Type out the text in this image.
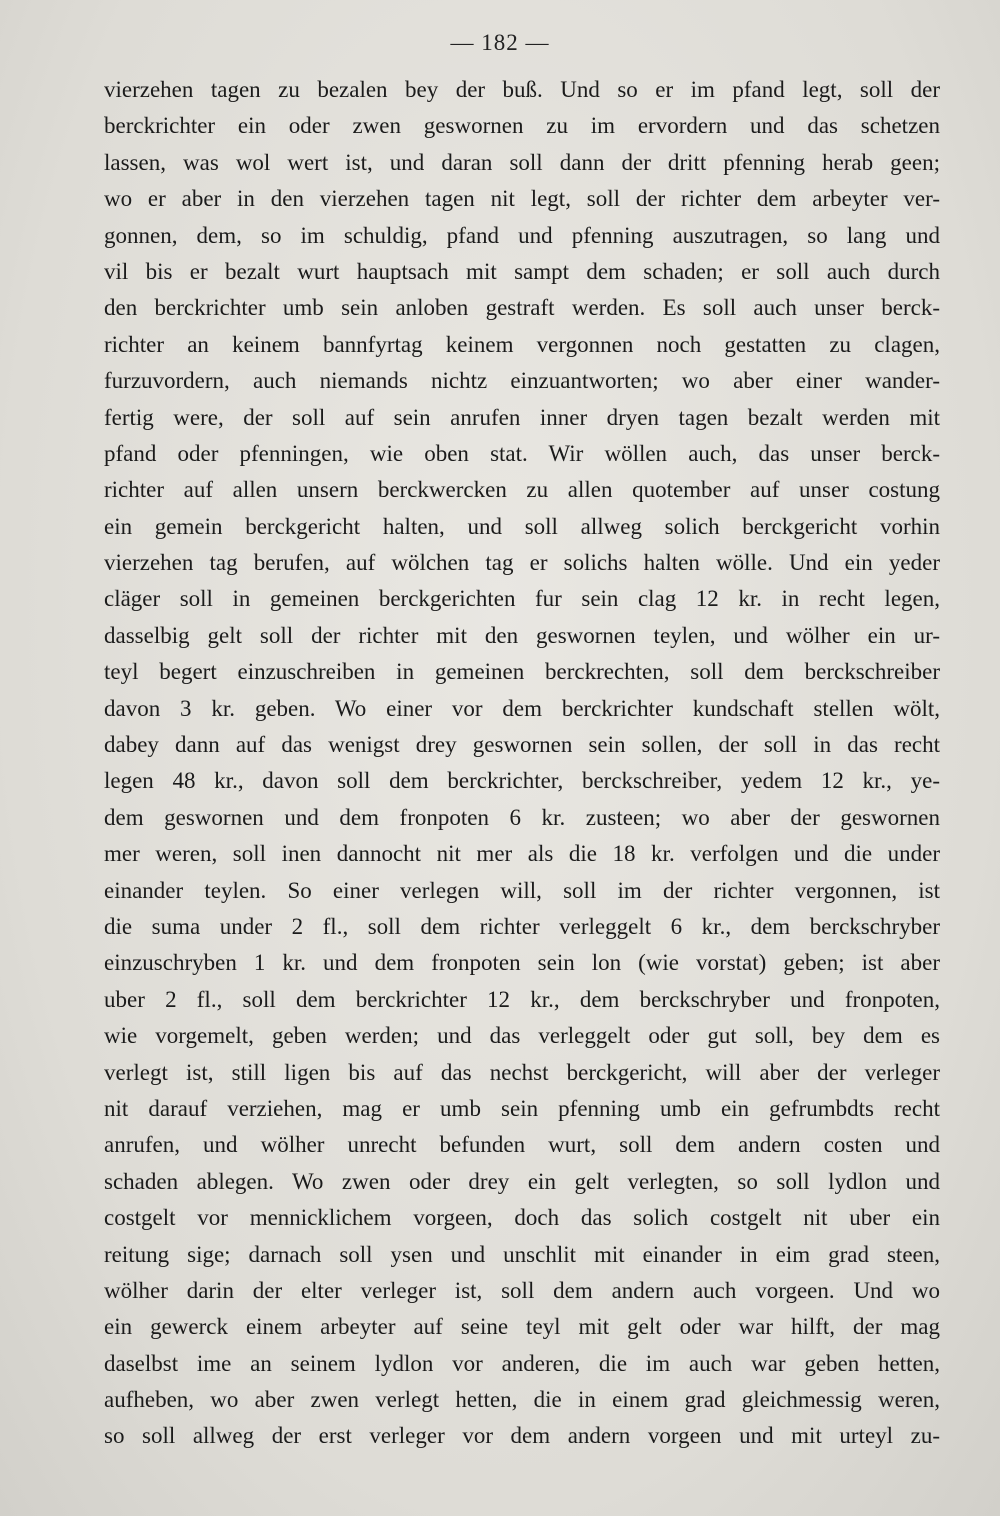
— 182 —

vierzehen tagen zu bezalen bey der buß. Und so er im pfand legt, soll der
berckrichter ein oder zwen geswornen zu im ervordern und das schetzen
lassen, was wol wert ist, und daran soll dann der dritt pfenning herab geen;
wo er aber in den vierzehen tagen nit legt, soll der richter dem arbeyter ver-
gonnen, dem, so im schuldig, pfand und pfenning auszutragen, so lang und
vil bis er bezalt wurt hauptsach mit sampt dem schaden; er soll auch durch
den berckrichter umb sein anloben gestraft werden. Es soll auch unser berck-
richter an keinem bannfyrtag keinem vergonnen noch gestatten zu clagen,
furzuvordern, auch niemands nichtz einzuantworten; wo aber einer wander-
fertig were, der soll auf sein anrufen inner dryen tagen bezalt werden mit
pfand oder pfenningen, wie oben stat. Wir wöllen auch, das unser berck-
richter auf allen unsern berckwercken zu allen quotember auf unser costung
ein gemein berckgericht halten, und soll allweg solich berckgericht vorhin
vierzehen tag berufen, auf wölchen tag er solichs halten wölle. Und ein yeder
cläger soll in gemeinen berckgerichten fur sein clag 12 kr. in recht legen,
dasselbig gelt soll der richter mit den geswornen teylen, und wölher ein ur-
teyl begert einzuschreiben in gemeinen berckrechten, soll dem berckschreiber
davon 3 kr. geben. Wo einer vor dem berckrichter kundschaft stellen wölt,
dabey dann auf das wenigst drey geswornen sein sollen, der soll in das recht
legen 48 kr., davon soll dem berckrichter, berckschreiber, yedem 12 kr., ye-
dem geswornen und dem fronpoten 6 kr. zusteen; wo aber der geswornen
mer weren, soll inen dannocht nit mer als die 18 kr. verfolgen und die under
einander teylen. So einer verlegen will, soll im der richter vergonnen, ist
die suma under 2 fl., soll dem richter verleggelt 6 kr., dem berckschryber
einzuschryben 1 kr. und dem fronpoten sein lon (wie vorstat) geben; ist aber
uber 2 fl., soll dem berckrichter 12 kr., dem berckschryber und fronpoten,
wie vorgemelt, geben werden; und das verleggelt oder gut soll, bey dem es
verlegt ist, still ligen bis auf das nechst berckgericht, will aber der verleger
nit darauf verziehen, mag er umb sein pfenning umb ein gefrumbdts recht
anrufen, und wölher unrecht befunden wurt, soll dem andern costen und
schaden ablegen. Wo zwen oder drey ein gelt verlegten, so soll lydlon und
costgelt vor mennicklichem vorgeen, doch das solich costgelt nit uber ein
reitung sige; darnach soll ysen und unschlit mit einander in eim grad steen,
wölher darin der elter verleger ist, soll dem andern auch vorgeen. Und wo
ein gewerck einem arbeyter auf seine teyl mit gelt oder war hilft, der mag
daselbst ime an seinem lydlon vor anderen, die im auch war geben hetten,
aufheben, wo aber zwen verlegt hetten, die in einem grad gleichmessig weren,
so soll allweg der erst verleger vor dem andern vorgeen und mit urteyl zu-
